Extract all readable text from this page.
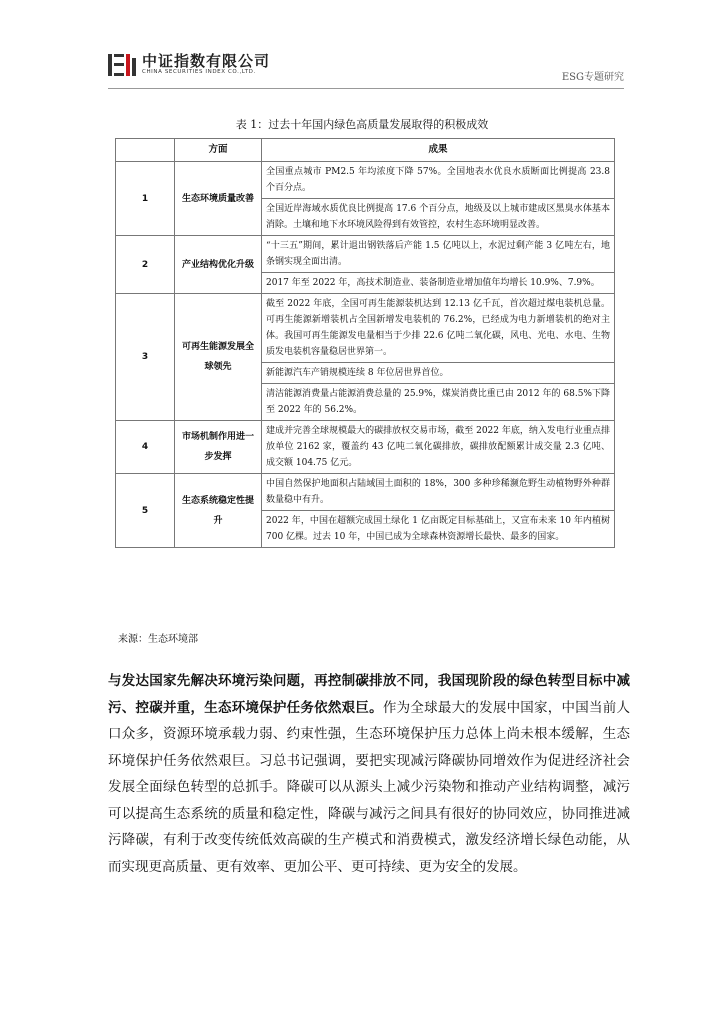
中证指数有限公司
CHINA SECURITIES INDEX CO.,LTD.	ESG专题研究
表 1：过去十年国内绿色高质量发展取得的积极成效
	方面	成果
1	生态环境质量改善	全国重点城市 PM2.5 年均浓度下降 57%。全国地表水优良水质断面比例提高 23.8 个百分点。
		全国近岸海域水质优良比例提高 17.6 个百分点，地级及以上城市建成区黑臭水体基本消除。土壤和地下水环境风险得到有效管控，农村生态环境明显改善。
2	产业结构优化升级	“十三五”期间，累计退出钢铁落后产能 1.5 亿吨以上，水泥过剩产能 3 亿吨左右，地条钢实现全面出清。
		2017 年至 2022 年，高技术制造业、装备制造业增加值年均增长 10.9%、7.9%。
3	可再生能源发展全球领先	截至 2022 年底，全国可再生能源装机达到 12.13 亿千瓦，首次超过煤电装机总量。可再生能源新增装机占全国新增发电装机的 76.2%，已经成为电力新增装机的绝对主体。我国可再生能源发电量相当于少排 22.6 亿吨二氧化碳，风电、光电、水电、生物质发电装机容量稳居世界第一。
		新能源汽车产销规模连续 8 年位居世界首位。
		清洁能源消费量占能源消费总量的 25.9%，煤炭消费比重已由 2012 年的 68.5%下降至 2022 年的 56.2%。
4	市场机制作用进一步发挥	建成并完善全球规模最大的碳排放权交易市场，截至 2022 年底，纳入发电行业重点排放单位 2162 家，覆盖约 43 亿吨二氧化碳排放，碳排放配额累计成交量 2.3 亿吨、成交额 104.75 亿元。
5	生态系统稳定性提升	中国自然保护地面积占陆域国土面积的 18%，300 多种珍稀濒危野生动植物野外种群数量稳中有升。
		2022 年，中国在超额完成国土绿化 1 亿亩既定目标基础上，又宣布未来 10 年内植树 700 亿棵。过去 10 年，中国已成为全球森林资源增长最快、最多的国家。
来源：生态环境部

与发达国家先解决环境污染问题，再控制碳排放不同，我国现阶段的绿色转型目标中减污、控碳并重，生态环境保护任务依然艰巨。作为全球最大的发展中国家，中国当前人口众多，资源环境承载力弱、约束性强，生态环境保护压力总体上尚未根本缓解，生态环境保护任务依然艰巨。习总书记强调，要把实现减污降碳协同增效作为促进经济社会发展全面绿色转型的总抓手。降碳可以从源头上减少污染物和推动产业结构调整，减污可以提高生态系统的质量和稳定性，降碳与减污之间具有很好的协同效应，协同推进减污降碳，有利于改变传统低效高碳的生产模式和消费模式，激发经济增长绿色动能，从而实现更高质量、更有效率、更加公平、更可持续、更为安全的发展。
